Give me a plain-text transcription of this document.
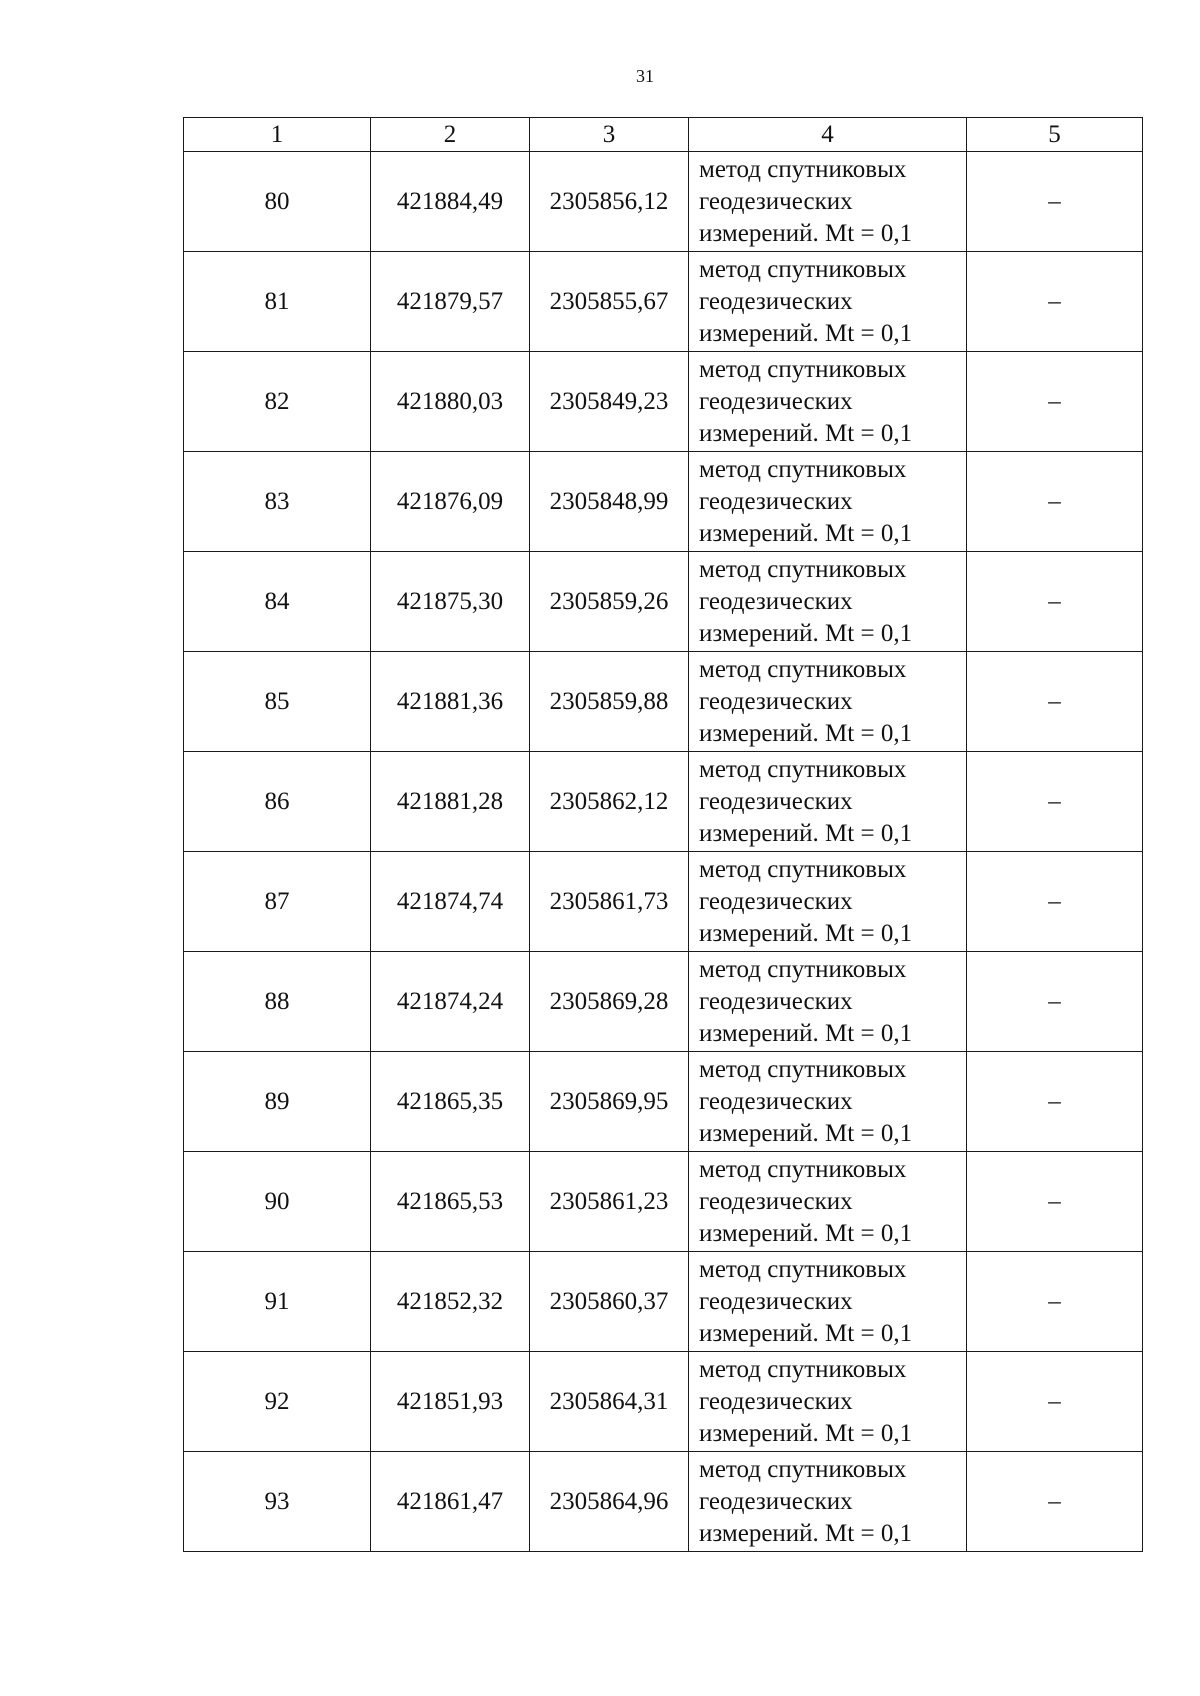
31
1	2	3	4	5
80	421884,49	2305856,12	метод спутниковых
геодезических
измерений. Mt = 0,1	–
81	421879,57	2305855,67	метод спутниковых
геодезических
измерений. Mt = 0,1	–
82	421880,03	2305849,23	метод спутниковых
геодезических
измерений. Mt = 0,1	–
83	421876,09	2305848,99	метод спутниковых
геодезических
измерений. Mt = 0,1	–
84	421875,30	2305859,26	метод спутниковых
геодезических
измерений. Mt = 0,1	–
85	421881,36	2305859,88	метод спутниковых
геодезических
измерений. Mt = 0,1	–
86	421881,28	2305862,12	метод спутниковых
геодезических
измерений. Mt = 0,1	–
87	421874,74	2305861,73	метод спутниковых
геодезических
измерений. Mt = 0,1	–
88	421874,24	2305869,28	метод спутниковых
геодезических
измерений. Mt = 0,1	–
89	421865,35	2305869,95	метод спутниковых
геодезических
измерений. Mt = 0,1	–
90	421865,53	2305861,23	метод спутниковых
геодезических
измерений. Mt = 0,1	–
91	421852,32	2305860,37	метод спутниковых
геодезических
измерений. Mt = 0,1	–
92	421851,93	2305864,31	метод спутниковых
геодезических
измерений. Mt = 0,1	–
93	421861,47	2305864,96	метод спутниковых
геодезических
измерений. Mt = 0,1	–
